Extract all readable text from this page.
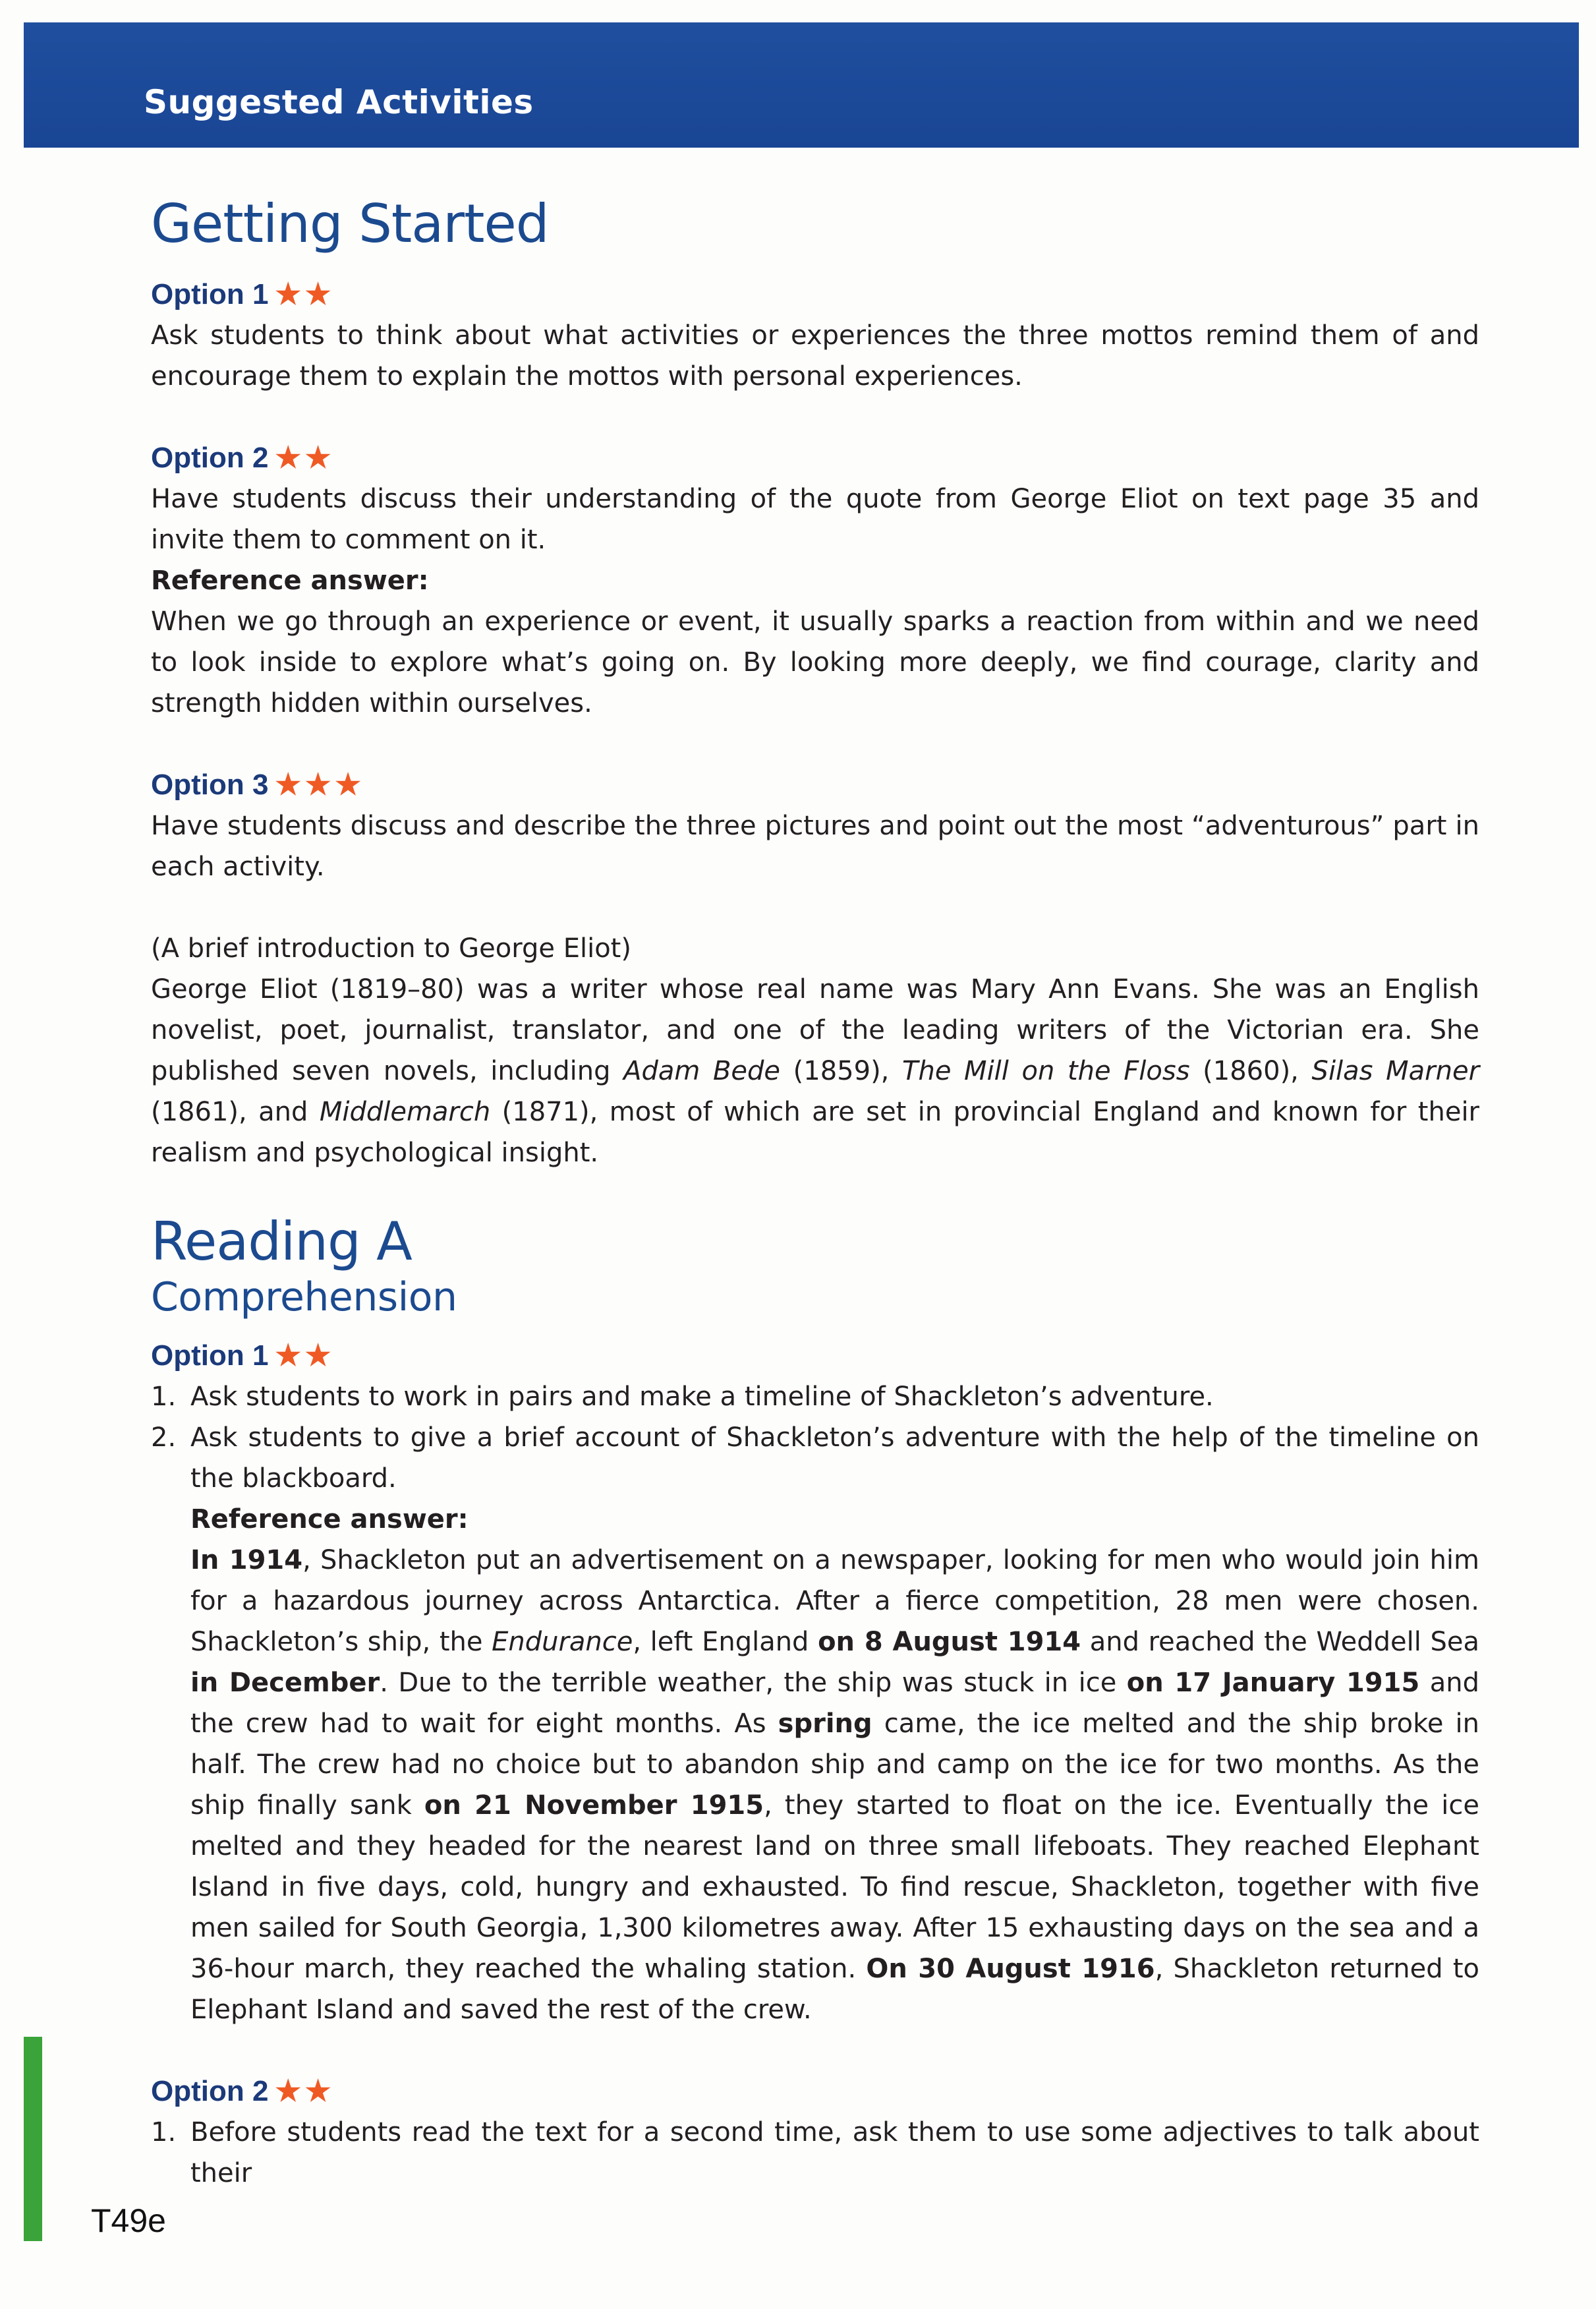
Suggested Activities
Getting Started
Option 1 ★★

Ask students to think about what activities or experiences the three mottos remind them of and encourage them to explain the mottos with personal experiences.

Option 2 ★★

Have students discuss their understanding of the quote from George Eliot on text page 35 and invite them to comment on it.

Reference answer:

When we go through an experience or event, it usually sparks a reaction from within and we need to look inside to explore what’s going on. By looking more deeply, we find courage, clarity and strength hidden within ourselves.

Option 3 ★★★

Have students discuss and describe the three pictures and point out the most “adventurous” part in each activity.

(A brief introduction to George Eliot)

George Eliot (1819–80) was a writer whose real name was Mary Ann Evans. She was an English novelist, poet, journalist, translator, and one of the leading writers of the Victorian era. She published seven novels, including Adam Bede (1859), The Mill on the Floss (1860), Silas Marner (1861), and Middlemarch (1871), most of which are set in provincial England and known for their realism and psychological insight.

Reading A
Comprehension
Option 1 ★★
1. Ask students to work in pairs and make a timeline of Shackleton’s adventure.
2. Ask students to give a brief account of Shackleton’s adventure with the help of the timeline on the blackboard.
Reference answer:
In 1914, Shackleton put an advertisement on a newspaper, looking for men who would join him for a hazardous journey across Antarctica. After a fierce competition, 28 men were chosen. Shackleton’s ship, the Endurance, left England on 8 August 1914 and reached the Weddell Sea in December. Due to the terrible weather, the ship was stuck in ice on 17 January 1915 and the crew had to wait for eight months. As spring came, the ice melted and the ship broke in half. The crew had no choice but to abandon ship and camp on the ice for two months. As the ship finally sank on 21 November 1915, they started to float on the ice. Eventually the ice melted and they headed for the nearest land on three small lifeboats. They reached Elephant Island in five days, cold, hungry and exhausted. To find rescue, Shackleton, together with five men sailed for South Georgia, 1,300 kilometres away. After 15 exhausting days on the sea and a 36-hour march, they reached the whaling station. On 30 August 1916, Shackleton returned to Elephant Island and saved the rest of the crew.
Option 2 ★★
1. Before students read the text for a second time, ask them to use some adjectives to talk about their
T49e
